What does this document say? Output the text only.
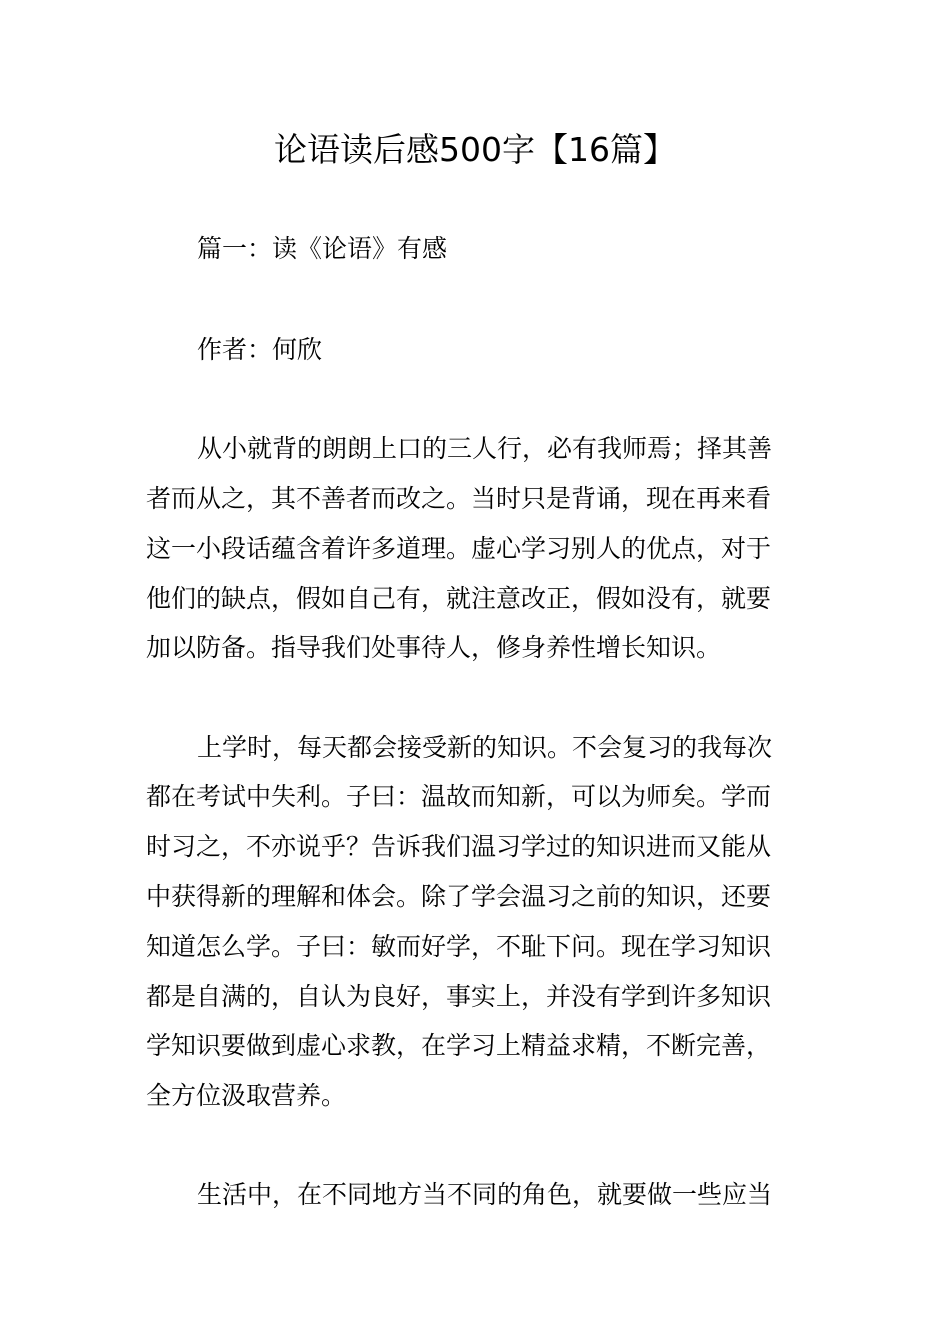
论语读后感500字【16篇】
篇一：读《论语》有感
作者：何欣
从小就背的朗朗上口的三人行，必有我师焉；择其善
者而从之，其不善者而改之。当时只是背诵，现在再来看
这一小段话蕴含着许多道理。虚心学习别人的优点，对于
他们的缺点，假如自己有，就注意改正，假如没有，就要
加以防备。指导我们处事待人，修身养性增长知识。
上学时，每天都会接受新的知识。不会复习的我每次
都在考试中失利。子曰：温故而知新，可以为师矣。学而
时习之，不亦说乎？告诉我们温习学过的知识进而又能从
中获得新的理解和体会。除了学会温习之前的知识，还要
知道怎么学。子曰：敏而好学，不耻下问。现在学习知识
都是自满的，自认为良好，事实上，并没有学到许多知识
学知识要做到虚心求教，在学习上精益求精，不断完善，
全方位汲取营养。
生活中，在不同地方当不同的角色，就要做一些应当
